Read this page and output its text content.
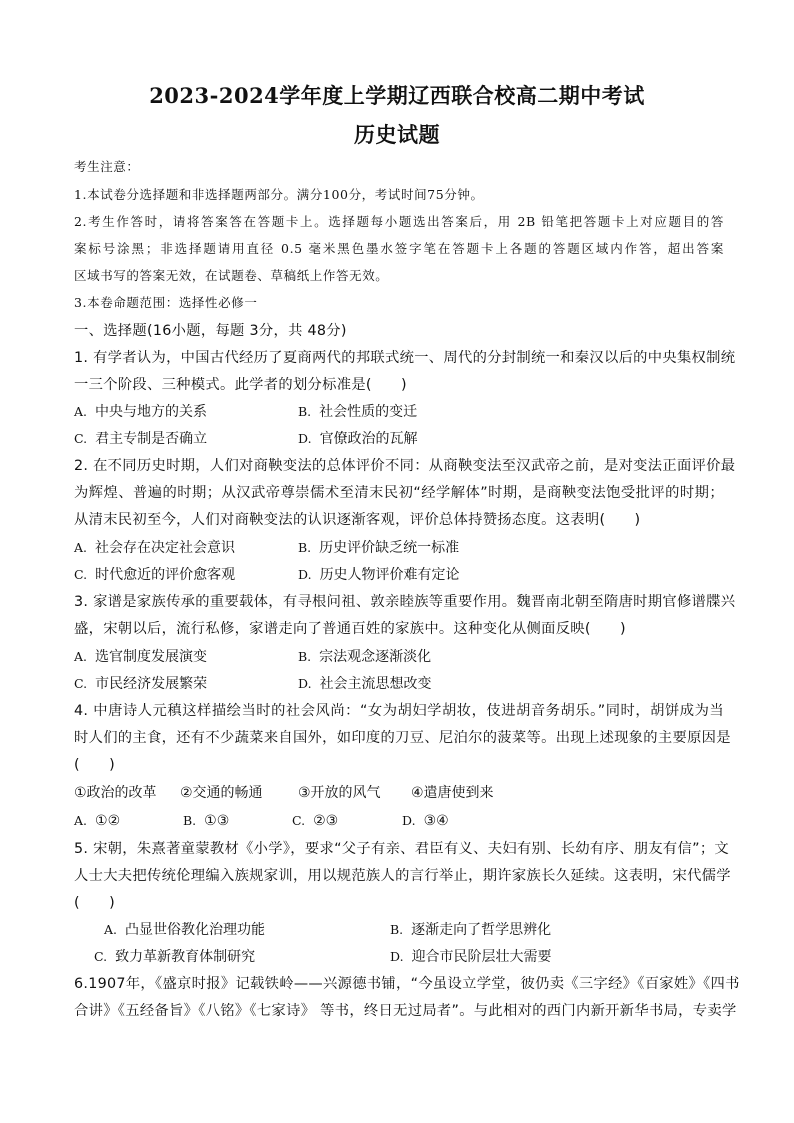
2023-2024学年度上学期辽西联合校高二期中考试
历史试题
考生注意：
1.本试卷分选择题和非选择题两部分。满分100分，考试时间75分钟。
2.考生作答时，请将答案答在答题卡上。选择题每小题选出答案后，用 2B 铅笔把答题卡上对应题目的答
案标号涂黑；非选择题请用直径 0.5 毫米黑色墨水签字笔在答题卡上各题的答题区域内作答，超出答案
区域书写的答案无效，在试题卷、草稿纸上作答无效。
3.本卷命题范围：选择性必修一
一、选择题(16小题，每题 3分，共 48分)
1. 有学者认为，中国古代经历了夏商两代的邦联式统一、周代的分封制统一和秦汉以后的中央集权制统
一三个阶段、三种模式。此学者的划分标准是(　　)
A. 中央与地方的关系	B. 社会性质的变迁
C. 君主专制是否确立	D. 官僚政治的瓦解
2. 在不同历史时期，人们对商鞅变法的总体评价不同：从商鞅变法至汉武帝之前，是对变法正面评价最
为辉煌、普遍的时期；从汉武帝尊崇儒术至清末民初“经学解体”时期，是商鞅变法饱受批评的时期；
从清末民初至今，人们对商鞅变法的认识逐渐客观，评价总体持赞扬态度。这表明(　　)
A. 社会存在决定社会意识	B. 历史评价缺乏统一标准
C. 时代愈近的评价愈客观	D. 历史人物评价难有定论
3. 家谱是家族传承的重要载体，有寻根问祖、敦亲睦族等重要作用。魏晋南北朝至隋唐时期官修谱牒兴
盛，宋朝以后，流行私修，家谱走向了普通百姓的家族中。这种变化从侧面反映(　　)
A. 选官制度发展演变	B. 宗法观念逐渐淡化
C. 市民经济发展繁荣	D. 社会主流思想改变
4. 中唐诗人元稹这样描绘当时的社会风尚：“女为胡妇学胡妆，伎进胡音务胡乐。”同时，胡饼成为当
时人们的主食，还有不少蔬菜来自国外，如印度的刀豆、尼泊尔的菠菜等。出现上述现象的主要原因是
(　　)
①政治的改革 ②交通的畅通	③开放的风气 ④遣唐使到来
A. ①②	B. ①③	C. ②③	D. ③④
5. 宋朝，朱熹著童蒙教材《小学》，要求“父子有亲、君臣有义、夫妇有别、长幼有序、朋友有信”；文
人士大夫把传统伦理编入族规家训，用以规范族人的言行举止，期许家族长久延续。这表明，宋代儒学
(　　)
A. 凸显世俗教化治理功能	B. 逐渐走向了哲学思辨化
C. 致力革新教育体制研究	D. 迎合市民阶层壮大需要
6.1907年，《盛京时报》记载铁岭——兴源德书铺，“今虽设立学堂，彼仍卖《三字经》《百家姓》《四书
合讲》《五经备旨》《八铭》《七家诗》 等书，终日无过局者”。与此相对的西门内新开新华书局，专卖学
